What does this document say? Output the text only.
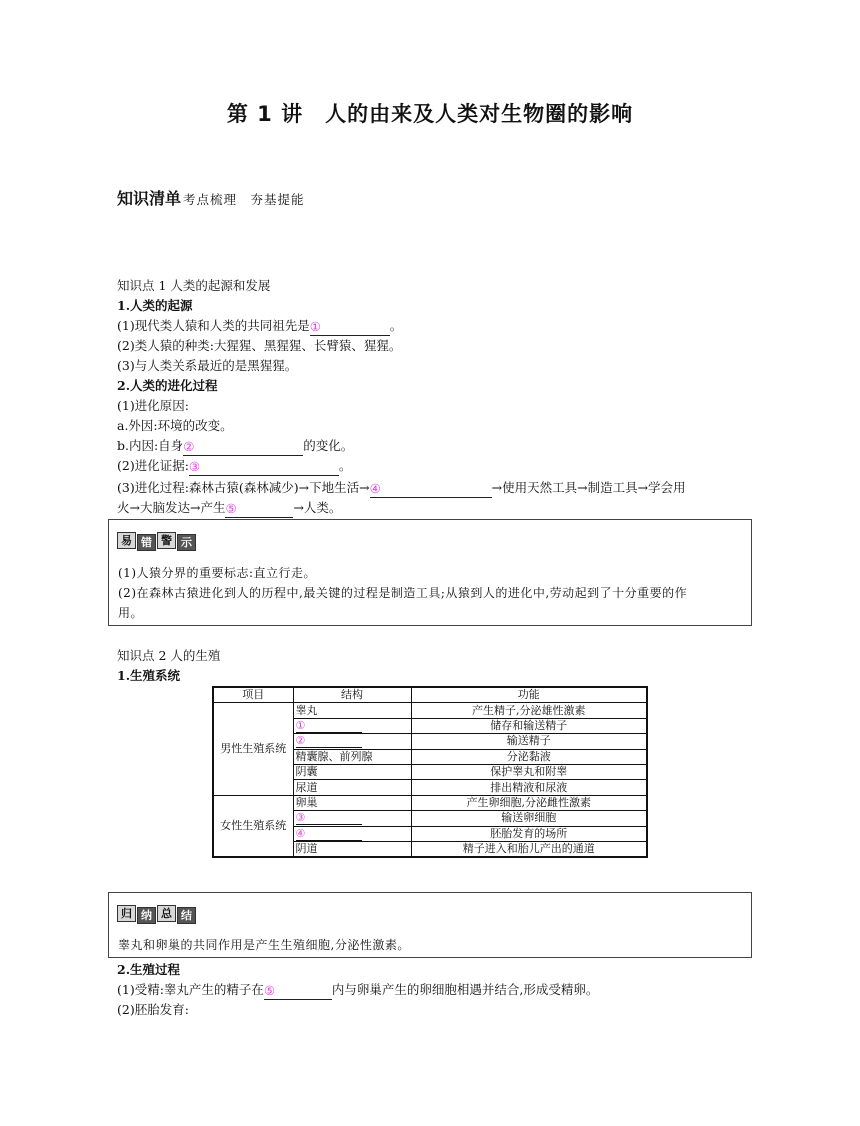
第 1 讲　人的由来及人类对生物圈的影响
知识清单 考点梳理　夯基提能
知识点 1 人类的起源和发展
1.人类的起源
(1)现代类人猿和人类的共同祖先是①	。
(2)类人猿的种类:大猩猩、黑猩猩、长臂猿、猩猩。
(3)与人类关系最近的是黑猩猩。
2.人类的进化过程
(1)进化原因:
a.外因:环境的改变。
b.内因:自身②	的变化。
(2)进化证据:③	。
(3)进化过程:森林古猿(森林减少)→下地生活→④	→使用天然工具→制造工具→学会用
火→大脑发达→产生⑤	→人类。
易 错 警 示
(1)人猿分界的重要标志:直立行走。
(2)在森林古猿进化到人的历程中,最关键的过程是制造工具;从猿到人的进化中,劳动起到了十分重要的作
用。
知识点 2 人的生殖
1.生殖系统
项目	结构	功能
男性生殖系统	睾丸	产生精子,分泌雄性激素
	①	储存和输送精子
	②	输送精子
	精囊腺、前列腺	分泌黏液
	阴囊	保护睾丸和附睾
	尿道	排出精液和尿液
女性生殖系统	卵巢	产生卵细胞,分泌雌性激素
	③	输送卵细胞
	④	胚胎发育的场所
	阴道	精子进入和胎儿产出的通道
归 纳 总 结
睾丸和卵巢的共同作用是产生生殖细胞,分泌性激素。
2.生殖过程
(1)受精:睾丸产生的精子在⑤	内与卵巢产生的卵细胞相遇并结合,形成受精卵。
(2)胚胎发育:
